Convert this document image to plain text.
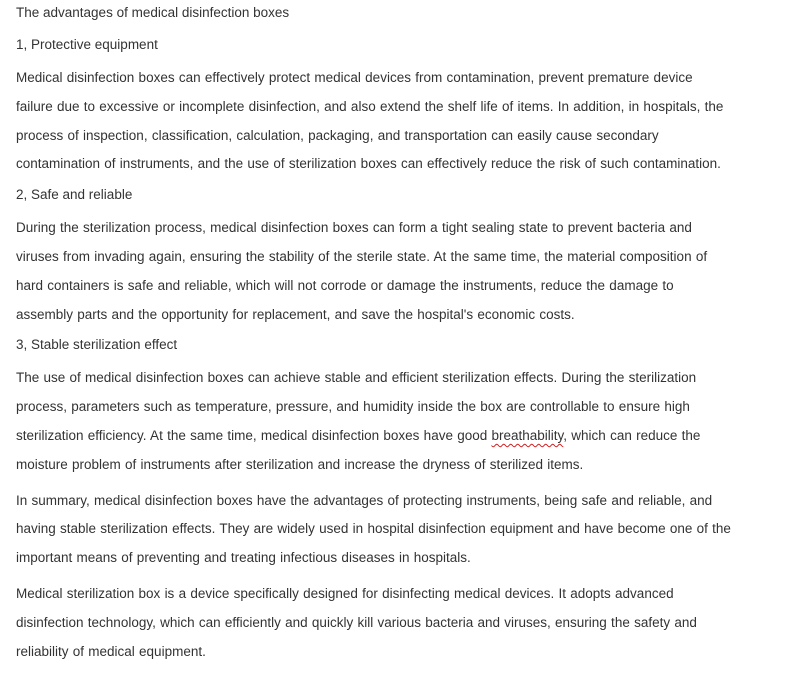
The advantages of medical disinfection boxes
1, Protective equipment
Medical disinfection boxes can effectively protect medical devices from contamination, prevent premature device
failure due to excessive or incomplete disinfection, and also extend the shelf life of items. In addition, in hospitals, the
process of inspection, classification, calculation, packaging, and transportation can easily cause secondary
contamination of instruments, and the use of sterilization boxes can effectively reduce the risk of such contamination.
2, Safe and reliable
During the sterilization process, medical disinfection boxes can form a tight sealing state to prevent bacteria and
viruses from invading again, ensuring the stability of the sterile state. At the same time, the material composition of
hard containers is safe and reliable, which will not corrode or damage the instruments, reduce the damage to
assembly parts and the opportunity for replacement, and save the hospital's economic costs.
3, Stable sterilization effect
The use of medical disinfection boxes can achieve stable and efficient sterilization effects. During the sterilization
process, parameters such as temperature, pressure, and humidity inside the box are controllable to ensure high
sterilization efficiency. At the same time, medical disinfection boxes have good breathability, which can reduce the
moisture problem of instruments after sterilization and increase the dryness of sterilized items.
In summary, medical disinfection boxes have the advantages of protecting instruments, being safe and reliable, and
having stable sterilization effects. They are widely used in hospital disinfection equipment and have become one of the
important means of preventing and treating infectious diseases in hospitals.
Medical sterilization box is a device specifically designed for disinfecting medical devices. It adopts advanced
disinfection technology, which can efficiently and quickly kill various bacteria and viruses, ensuring the safety and
reliability of medical equipment.
